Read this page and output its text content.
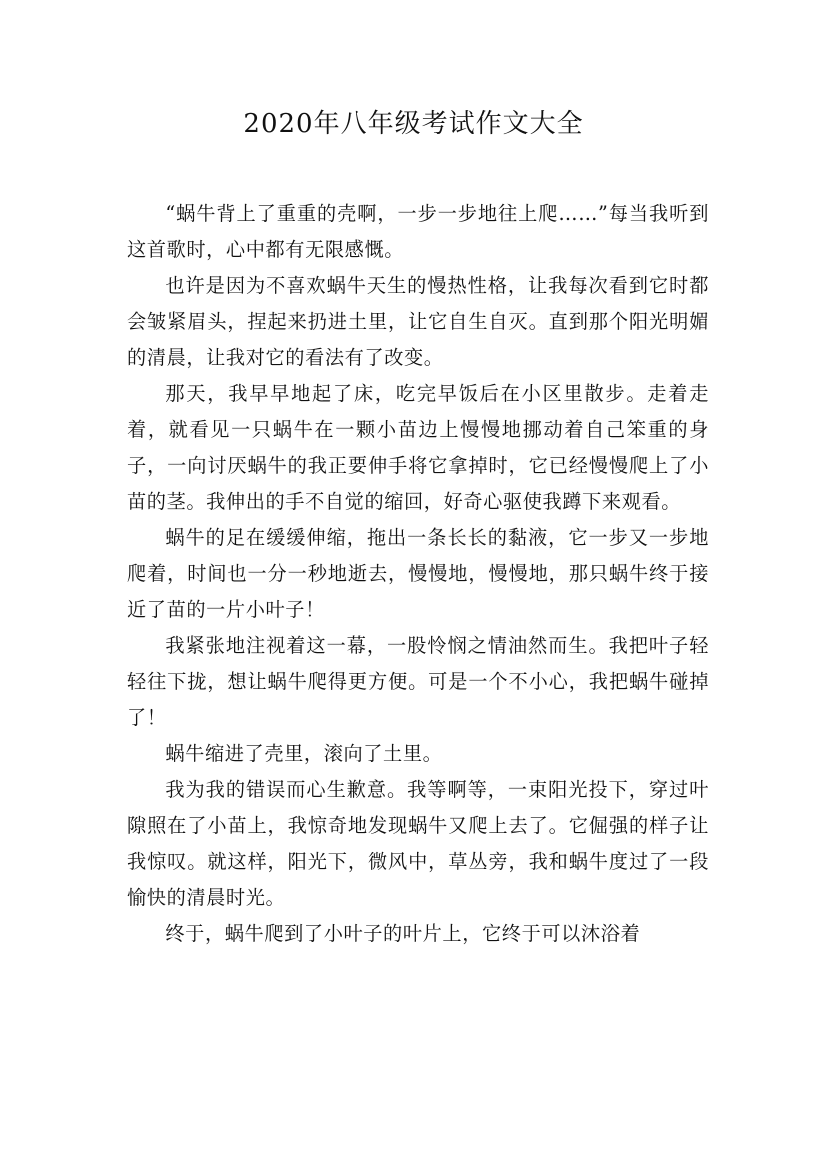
2020年八年级考试作文大全

“蜗牛背上了重重的壳啊，一步一步地往上爬……”每当我听到这首歌时，心中都有无限感慨。

也许是因为不喜欢蜗牛天生的慢热性格，让我每次看到它时都会皱紧眉头，捏起来扔进土里，让它自生自灭。直到那个阳光明媚的清晨，让我对它的看法有了改变。

那天，我早早地起了床，吃完早饭后在小区里散步。走着走着，就看见一只蜗牛在一颗小苗边上慢慢地挪动着自己笨重的身子，一向讨厌蜗牛的我正要伸手将它拿掉时，它已经慢慢爬上了小苗的茎。我伸出的手不自觉的缩回，好奇心驱使我蹲下来观看。

蜗牛的足在缓缓伸缩，拖出一条长长的黏液，它一步又一步地爬着，时间也一分一秒地逝去，慢慢地，慢慢地，那只蜗牛终于接近了苗的一片小叶子！

我紧张地注视着这一幕，一股怜悯之情油然而生。我把叶子轻轻往下拢，想让蜗牛爬得更方便。可是一个不小心，我把蜗牛碰掉了！

蜗牛缩进了壳里，滚向了土里。

我为我的错误而心生歉意。我等啊等，一束阳光投下，穿过叶隙照在了小苗上，我惊奇地发现蜗牛又爬上去了。它倔强的样子让我惊叹。就这样，阳光下，微风中，草丛旁，我和蜗牛度过了一段愉快的清晨时光。

终于，蜗牛爬到了小叶子的叶片上，它终于可以沐浴着
